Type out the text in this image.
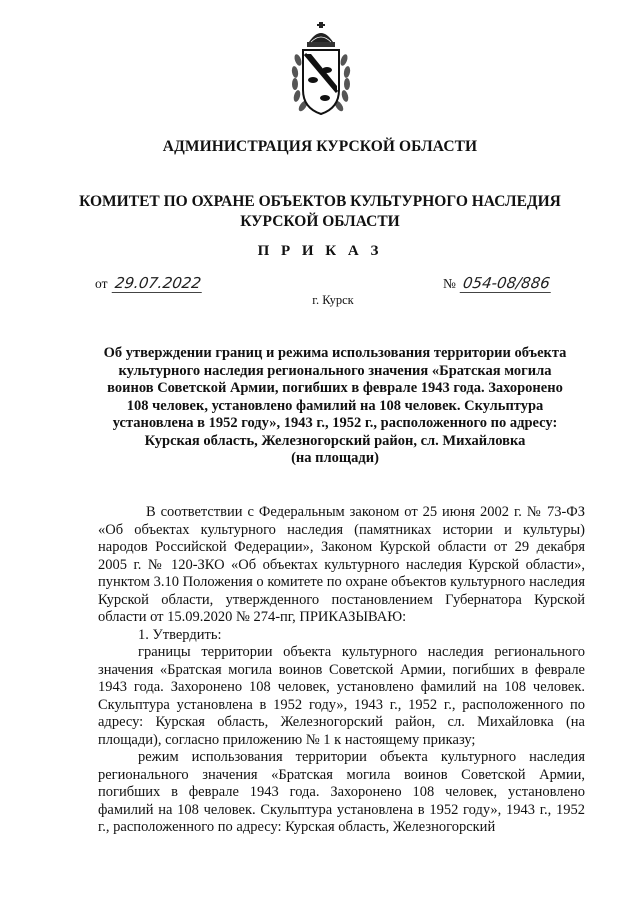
АДМИНИСТРАЦИЯ КУРСКОЙ ОБЛАСТИ
КОМИТЕТ ПО ОХРАНЕ ОБЪЕКТОВ КУЛЬТУРНОГО НАСЛЕДИЯ
КУРСКОЙ ОБЛАСТИ
П Р И К А З
от 29.07.2022	№ 054-08/886
г. Курск
Об утверждении границ и режима использования территории объекта
культурного наследия регионального значения «Братская могила
воинов Советской Армии, погибших в феврале 1943 года. Захоронено
108 человек, установлено фамилий на 108 человек. Скульптура
установлена в 1952 году», 1943 г., 1952 г., расположенного по адресу:
Курская область, Железногорский район, сл. Михайловка
(на площади)

В соответствии с Федеральным законом от 25 июня 2002 г. № 73-ФЗ «Об объектах культурного наследия (памятниках истории и культуры) народов Российской Федерации», Законом Курской области от 29 декабря 2005 г. № 120-ЗКО «Об объектах культурного наследия Курской области», пунктом 3.10 Положения о комитете по охране объектов культурного наследия Курской области, утвержденного постановлением Губернатора Курской области от 15.09.2020 № 274-пг, ПРИКАЗЫВАЮ:

1. Утвердить:

границы территории объекта культурного наследия регионального значения «Братская могила воинов Советской Армии, погибших в феврале 1943 года. Захоронено 108 человек, установлено фамилий на 108 человек. Скульптура установлена в 1952 году», 1943 г., 1952 г., расположенного по адресу: Курская область, Железногорский район, сл. Михайловка (на площади), согласно приложению № 1 к настоящему приказу;

режим использования территории объекта культурного наследия регионального значения «Братская могила воинов Советской Армии, погибших в феврале 1943 года. Захоронено 108 человек, установлено фамилий на 108 человек. Скульптура установлена в 1952 году», 1943 г., 1952 г., расположенного по адресу: Курская область, Железногорский
